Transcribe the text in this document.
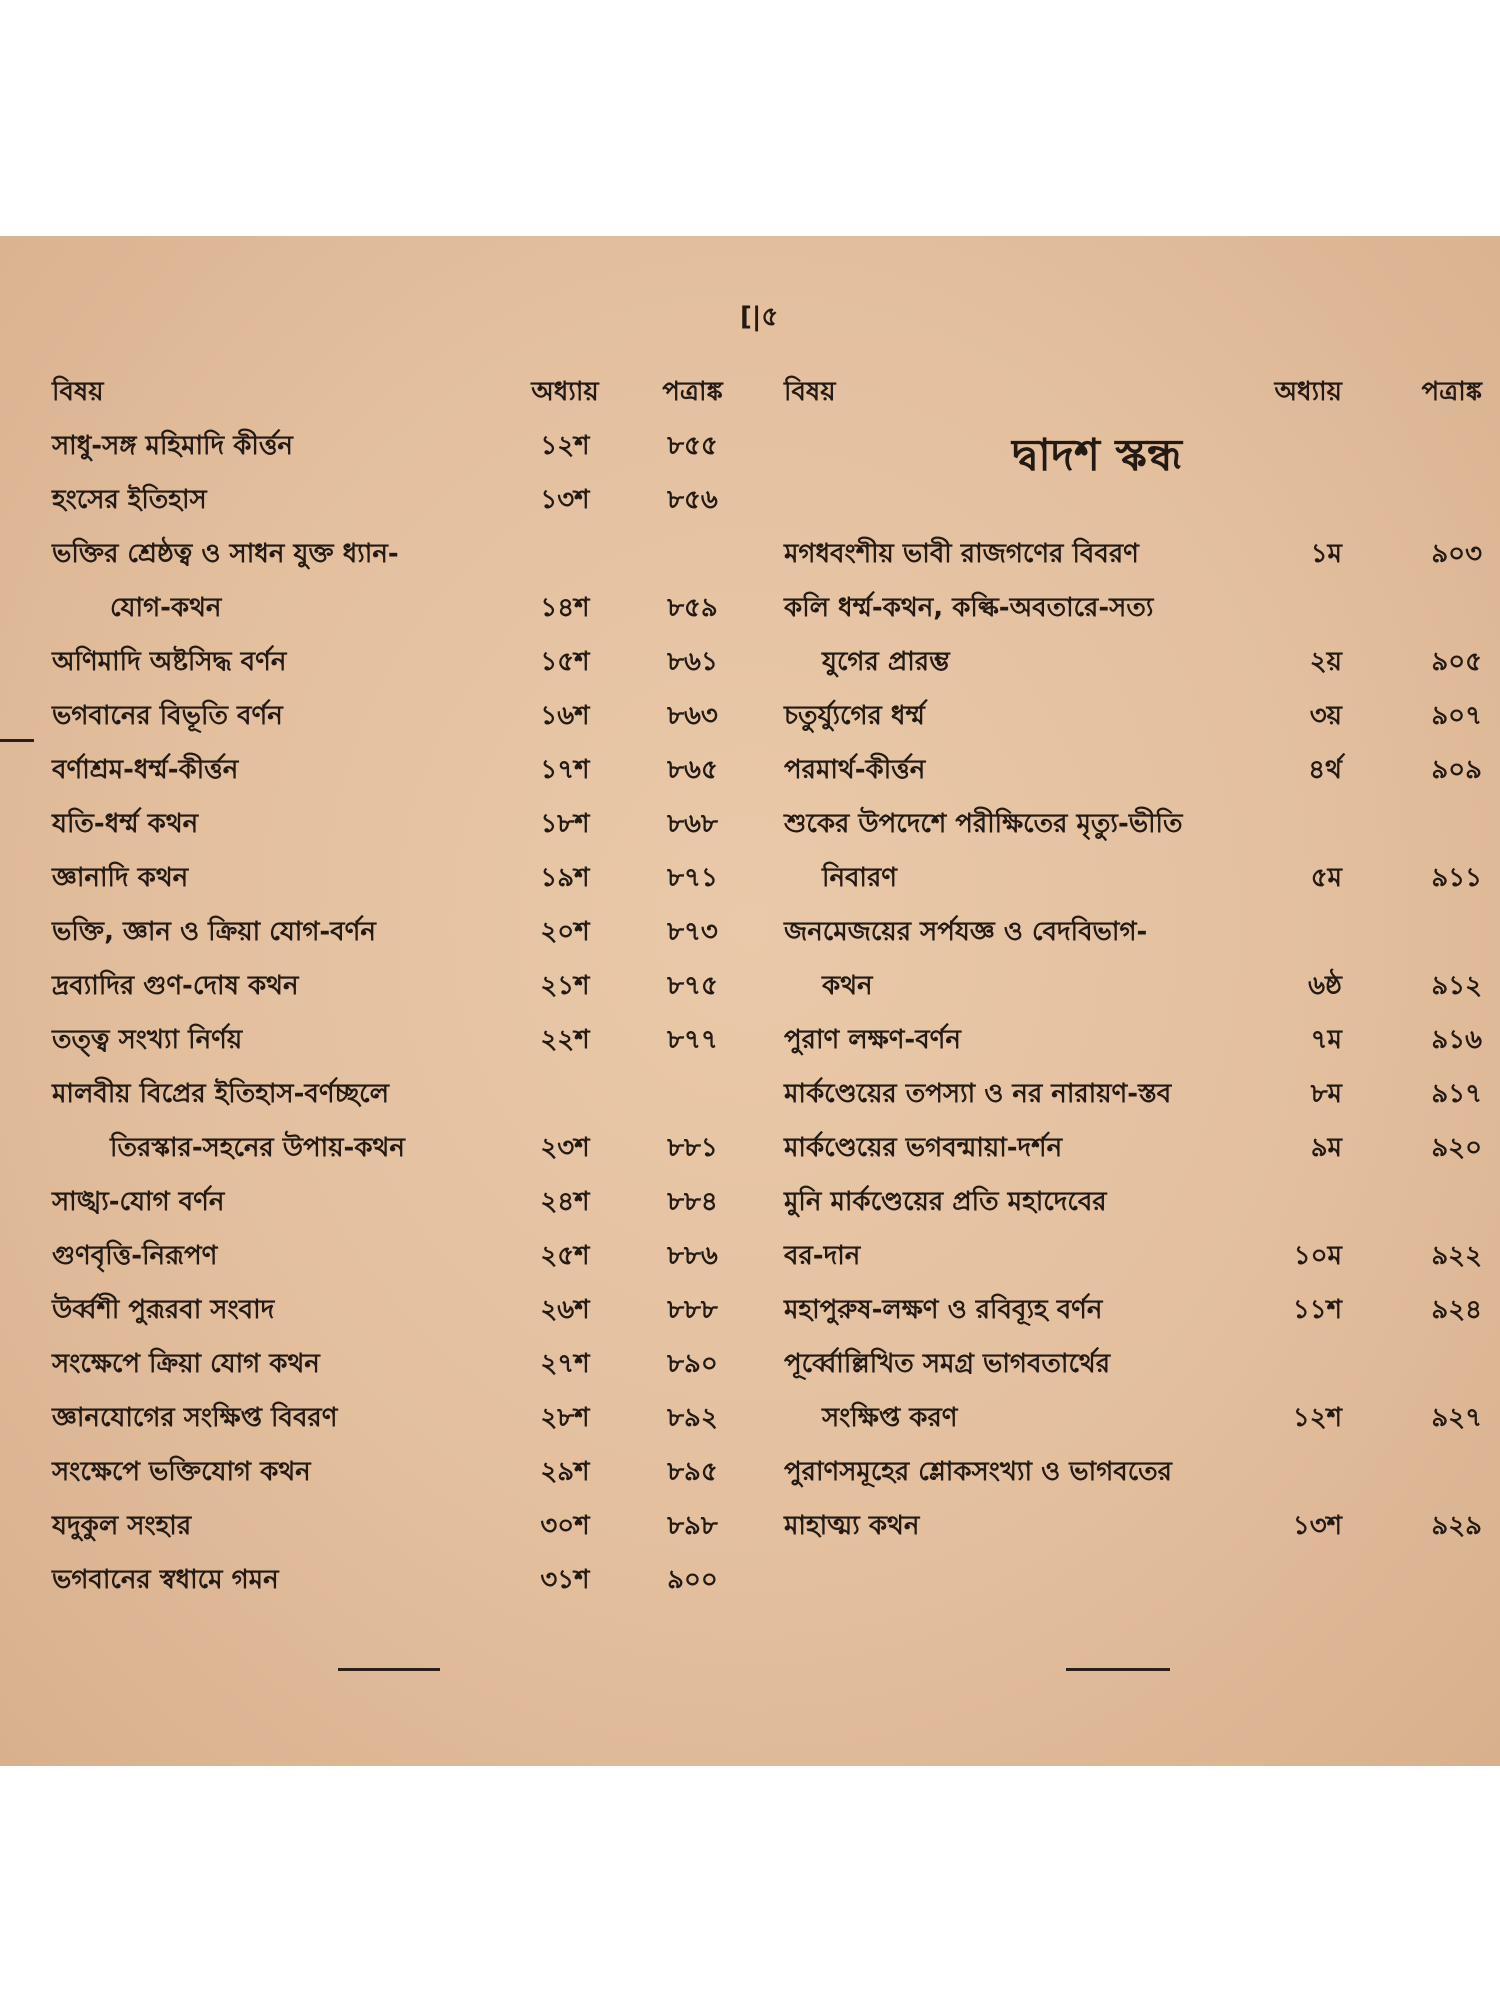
[|৫
বিষয়	অধ্যায়	পত্রাঙ্ক
সাধু-সঙ্গ মহিমাদি কীর্ত্তন	১২শ	৮৫৫
হংসের ইতিহাস	১৩শ	৮৫৬
ভক্তির শ্রেষ্ঠত্ব ও সাধন যুক্ত ধ্যান-
যোগ-কথন	১৪শ	৮৫৯
অণিমাদি অষ্টসিদ্ধ বর্ণন	১৫শ	৮৬১
ভগবানের বিভূতি বর্ণন	১৬শ	৮৬৩
বর্ণাশ্রম-ধর্ম্ম-কীর্ত্তন	১৭শ	৮৬৫
যতি-ধর্ম্ম কথন	১৮শ	৮৬৮
জ্ঞানাদি কথন	১৯শ	৮৭১
ভক্তি, জ্ঞান ও ক্রিয়া যোগ-বর্ণন	২০শ	৮৭৩
দ্রব্যাদির গুণ-দোষ কথন	২১শ	৮৭৫
তত্ত্ব সংখ্যা নির্ণয়	২২শ	৮৭৭
মালবীয় বিপ্রের ইতিহাস-বর্ণচ্ছলে
তিরস্কার-সহনের উপায়-কথন	২৩শ	৮৮১
সাঙ্খ্য-যোগ বর্ণন	২৪শ	৮৮৪
গুণবৃত্তি-নিরূপণ	২৫শ	৮৮৬
উর্ব্বশী পুরূরবা সংবাদ	২৬শ	৮৮৮
সংক্ষেপে ক্রিয়া যোগ কথন	২৭শ	৮৯০
জ্ঞানযোগের সংক্ষিপ্ত বিবরণ	২৮শ	৮৯২
সংক্ষেপে ভক্তিযোগ কথন	২৯শ	৮৯৫
যদুকুল সংহার	৩০শ	৮৯৮
ভগবানের স্বধামে গমন	৩১শ	৯০০
বিষয়	অধ্যায়	পত্রাঙ্ক
দ্বাদশ স্কন্ধ
মগধবংশীয় ভাবী রাজগণের বিবরণ	১ম	৯০৩
কলি ধর্ম্ম-কথন, কল্কি-অবতারে-সত্য
যুগের প্রারম্ভ	২য়	৯০৫
চতুর্য্যুগের ধর্ম্ম	৩য়	৯০৭
পরমার্থ-কীর্ত্তন	৪র্থ	৯০৯
শুকের উপদেশে পরীক্ষিতের মৃত্যু-ভীতি
নিবারণ	৫ম	৯১১
জনমেজয়ের সর্পযজ্ঞ ও বেদবিভাগ-
কথন	৬ষ্ঠ	৯১২
পুরাণ লক্ষণ-বর্ণন	৭ম	৯১৬
মার্কণ্ডেয়ের তপস্যা ও নর নারায়ণ-স্তব	৮ম	৯১৭
মার্কণ্ডেয়ের ভগবন্মায়া-দর্শন	৯ম	৯২০
মুনি মার্কণ্ডেয়ের প্রতি মহাদেবের
বর-দান	১০ম	৯২২
মহাপুরুষ-লক্ষণ ও রবিব্যূহ বর্ণন	১১শ	৯২৪
পূর্ব্বোল্লিখিত সমগ্র ভাগবতার্থের
সংক্ষিপ্ত করণ	১২শ	৯২৭
পুরাণসমূহের শ্লোকসংখ্যা ও ভাগবতের
মাহাত্ম্য কথন	১৩শ	৯২৯
